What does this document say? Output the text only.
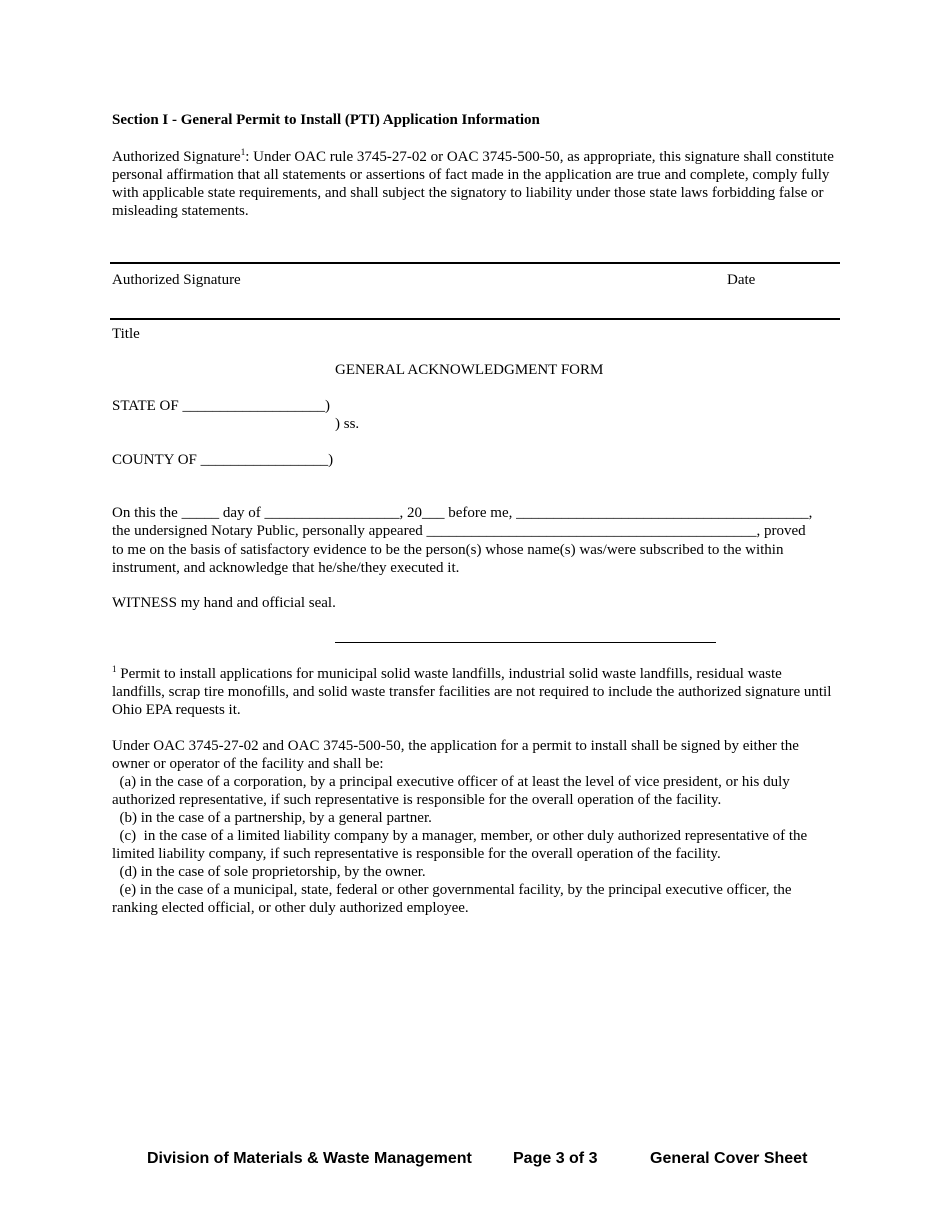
Section I - General Permit to Install (PTI) Application Information
Authorized Signature$^1$: Under OAC rule 3745-27-02 or OAC 3745-500-50, as appropriate, this signature shall constitute personal affirmation that all statements or assertions of fact made in the application are true and complete, comply fully with applicable state requirements, and shall subject the signatory to liability under those state laws forbidding false or misleading statements.
Authorized Signature	Date
Title
GENERAL ACKNOWLEDGMENT FORM
STATE OF ___________________)
) ss.
COUNTY OF _________________)
On this the _____ day of __________________, 20___ before me, _______________________________________,
the undersigned Notary Public, personally appeared ____________________________________________, proved
to me on the basis of satisfactory evidence to be the person(s) whose name(s) was/were subscribed to the within instrument, and acknowledge that he/she/they executed it.
WITNESS my hand and official seal.
$^1$ Permit to install applications for municipal solid waste landfills, industrial solid waste landfills, residual waste landfills, scrap tire monofills, and solid waste transfer facilities are not required to include the authorized signature until Ohio EPA requests it.
Under OAC 3745-27-02 and OAC 3745-500-50, the application for a permit to install shall be signed by either the owner or operator of the facility and shall be:
(a) in the case of a corporation, by a principal executive officer of at least the level of vice president, or his duly authorized representative, if such representative is responsible for the overall operation of the facility.
(b) in the case of a partnership, by a general partner.
(c)  in the case of a limited liability company by a manager, member, or other duly authorized representative of the limited liability company, if such representative is responsible for the overall operation of the facility.
(d) in the case of sole proprietorship, by the owner.
(e) in the case of a municipal, state, federal or other governmental facility, by the principal executive officer, the ranking elected official, or other duly authorized employee.
Division of Materials & Waste Management	Page 3 of 3	General Cover Sheet
